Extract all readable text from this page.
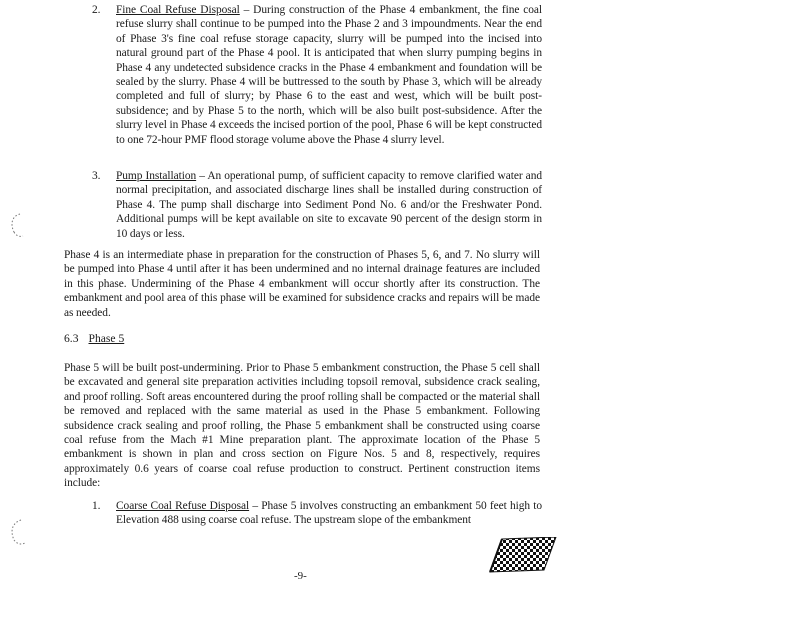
2.	Fine Coal Refuse Disposal – During construction of the Phase 4 embankment, the fine coal refuse slurry shall continue to be pumped into the Phase 2 and 3 impoundments. Near the end of Phase 3's fine coal refuse storage capacity, slurry will be pumped into the incised into natural ground part of the Phase 4 pool. It is anticipated that when slurry pumping begins in Phase 4 any undetected subsidence cracks in the Phase 4 embankment and foundation will be sealed by the slurry. Phase 4 will be buttressed to the south by Phase 3, which will be already completed and full of slurry; by Phase 6 to the east and west, which will be built post-subsidence; and by Phase 5 to the north, which will be also built post-subsidence. After the slurry level in Phase 4 exceeds the incised portion of the pool, Phase 6 will be kept constructed to one 72-hour PMF flood storage volume above the Phase 4 slurry level.
3.	Pump Installation – An operational pump, of sufficient capacity to remove clarified water and normal precipitation, and associated discharge lines shall be installed during construction of Phase 4. The pump shall discharge into Sediment Pond No. 6 and/or the Freshwater Pond. Additional pumps will be kept available on site to excavate 90 percent of the design storm in 10 days or less.
Phase 4 is an intermediate phase in preparation for the construction of Phases 5, 6, and 7. No slurry will be pumped into Phase 4 until after it has been undermined and no internal drainage features are included in this phase. Undermining of the Phase 4 embankment will occur shortly after its construction. The embankment and pool area of this phase will be examined for subsidence cracks and repairs will be made as needed.
6.3 Phase 5
Phase 5 will be built post-undermining. Prior to Phase 5 embankment construction, the Phase 5 cell shall be excavated and general site preparation activities including topsoil removal, subsidence crack sealing, and proof rolling. Soft areas encountered during the proof rolling shall be compacted or the material shall be removed and replaced with the same material as used in the Phase 5 embankment. Following subsidence crack sealing and proof rolling, the Phase 5 embankment shall be constructed using coarse coal refuse from the Mach #1 Mine preparation plant. The approximate location of the Phase 5 embankment is shown in plan and cross section on Figure Nos. 5 and 8, respectively, requires approximately 0.6 years of coarse coal refuse production to construct. Pertinent construction items include:
1.	Coarse Coal Refuse Disposal – Phase 5 involves constructing an embankment 50 feet high to Elevation 488 using coarse coal refuse. The upstream slope of the embankment
-9-
